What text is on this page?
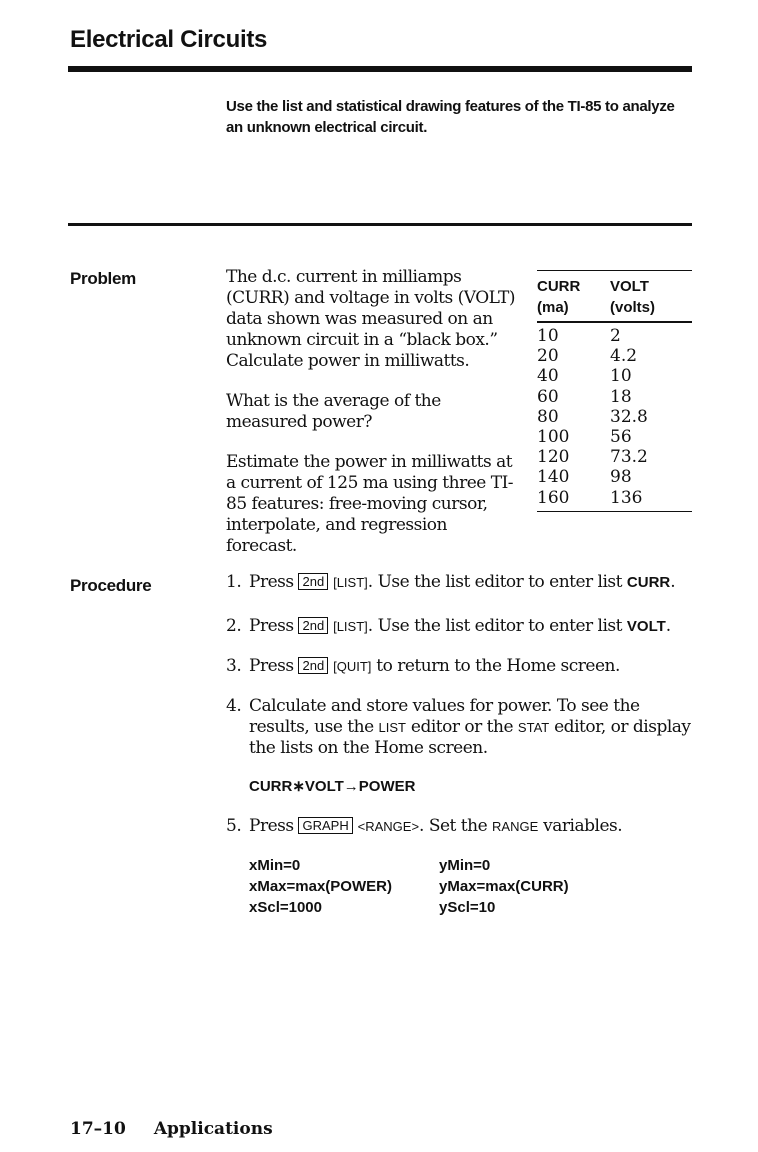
Electrical Circuits
Use the list and statistical drawing features of the TI-85 to analyze an unknown electrical circuit.
Problem	The d.c. current in milliamps (CURR) and voltage in volts (VOLT) data shown was measured on an unknown circuit in a “black box.” Calculate power in milliwatts.

What is the average of the measured power?

Estimate the power in milliwatts at a current of 125 ma using three TI-85 features: free-moving cursor, interpolate, and regression forecast.

CURR
(ma)
VOLT
(volts)
10	2
20	4.2
40	10
60	18
80	32.8
100	56
120	73.2
140	98
160	136
Procedure	1. Press 2nd [LIST]. Use the list editor to enter list CURR.
2. Press 2nd [LIST]. Use the list editor to enter list VOLT.
3. Press 2nd [QUIT] to return to the Home screen.
4. Calculate and store values for power. To see the results, use the LIST editor or the STAT editor, or display the lists on the Home screen.
5. Press GRAPH <RANGE>. Set the RANGE variables.
CURR∗VOLT→POWER
xMin=0	yMin=0
xMax=max(POWER)	yMax=max(CURR)
xScl=1000	yScl=10
17–10 Applications
